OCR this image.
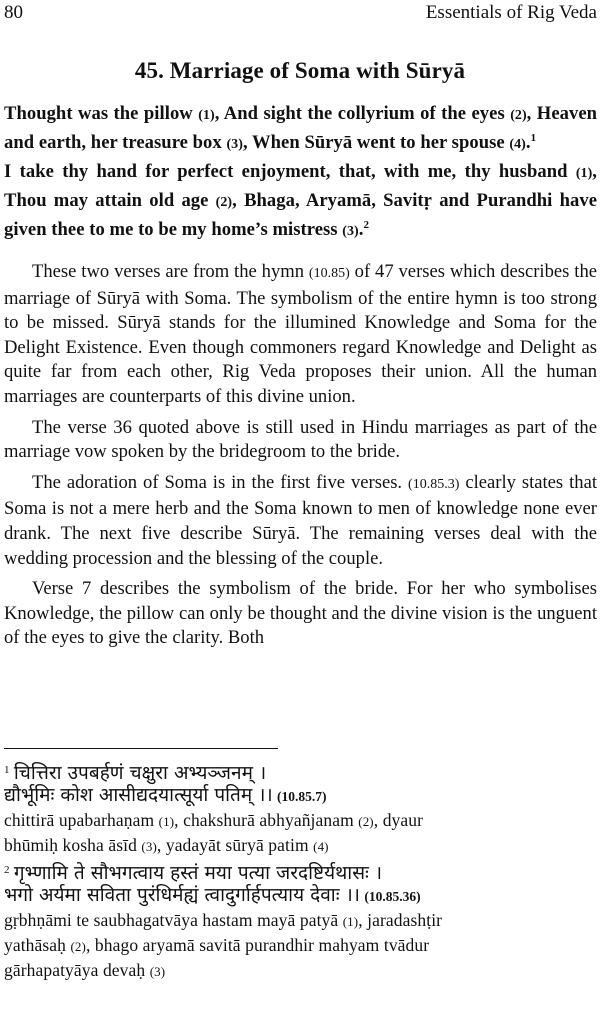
80	Essentials of Rig Veda
45. Marriage of Soma with Sūryā

Thought was the pillow (1), And sight the collyrium of the eyes (2), Heaven and earth, her treasure box (3), When Sūryā went to her spouse (4).$^1$

I take thy hand for perfect enjoyment, that, with me, thy husband (1), Thou may attain old age (2), Bhaga, Aryamā, Savitṛ and Purandhi have given thee to me to be my home’s mistress (3).$^2$

These two verses are from the hymn (10.85) of 47 verses which describes the marriage of Sūryā with Soma. The symbolism of the entire hymn is too strong to be missed. Sūryā stands for the illumined Knowledge and Soma for the Delight Existence. Even though commoners regard Knowledge and Delight as quite far from each other, Rig Veda proposes their union. All the human marriages are counterparts of this divine union.

The verse 36 quoted above is still used in Hindu marriages as part of the marriage vow spoken by the bridegroom to the bride.

The adoration of Soma is in the first five verses. (10.85.3) clearly states that Soma is not a mere herb and the Soma known to men of knowledge none ever drank. The next five describe Sūryā. The remaining verses deal with the wedding procession and the blessing of the couple.

Verse 7 describes the symbolism of the bride. For her who symbolises Knowledge, the pillow can only be thought and the divine vision is the unguent of the eyes to give the clarity. Both

$^1$ चित्तिरा उपबर्हणं चक्षुरा अभ्यञ्जनम् ।
द्यौर्भूमिः कोश आसीद्यदयात्सूर्या पतिम् ।। (10.85.7)
chittirā upabarhaṇam (1), chakshurā abhyañjanam (2), dyaur
bhūmiḥ kosha āsīd (3), yadayāt sūryā patim (4)
$^2$ गृभ्णामि ते सौभगत्वाय हस्तं मया पत्या जरदष्टिर्यथासः ।
भगो अर्यमा सविता पुरंधिर्मह्यं त्वादुर्गार्हपत्याय देवाः ।। (10.85.36)
gṛbhṇāmi te saubhagatvāya hastam mayā patyā (1), jaradashṭir
yathāsaḥ (2), bhago aryamā savitā purandhir mahyam tvādur
gārhapatyāya devaḥ (3)
